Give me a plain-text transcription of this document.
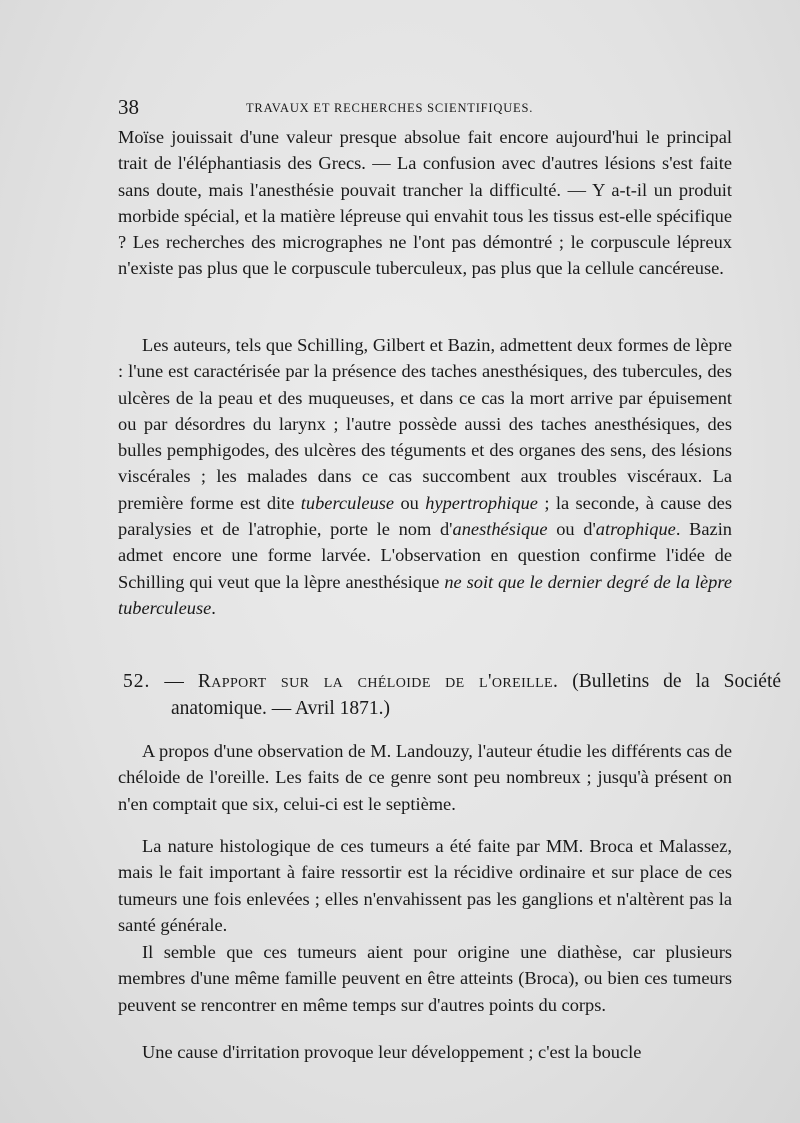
38	TRAVAUX ET RECHERCHES SCIENTIFIQUES.

Moïse jouissait d'une valeur presque absolue fait encore aujourd'hui le principal trait de l'éléphantiasis des Grecs. — La confusion avec d'autres lésions s'est faite sans doute, mais l'anesthésie pouvait trancher la difficulté. — Y a-t-il un produit morbide spécial, et la matière lépreuse qui envahit tous les tissus est-elle spécifique ? Les recherches des micrographes ne l'ont pas démontré ; le corpuscule lépreux n'existe pas plus que le corpuscule tuberculeux, pas plus que la cellule cancéreuse.

Les auteurs, tels que Schilling, Gilbert et Bazin, admettent deux formes de lèpre : l'une est caractérisée par la présence des taches anesthésiques, des tubercules, des ulcères de la peau et des muqueuses, et dans ce cas la mort arrive par épuisement ou par désordres du larynx ; l'autre possède aussi des taches anesthésiques, des bulles pemphigodes, des ulcères des téguments et des organes des sens, des lésions viscérales ; les malades dans ce cas succombent aux troubles viscéraux. La première forme est dite tuberculeuse ou hypertrophique ; la seconde, à cause des paralysies et de l'atrophie, porte le nom d'anesthésique ou d'atrophique. Bazin admet encore une forme larvée. L'observation en question confirme l'idée de Schilling qui veut que la lèpre anesthésique ne soit que le dernier degré de la lèpre tuberculeuse.

52. — Rapport sur la chéloide de l'oreille. (Bulletins de la Société anatomique. — Avril 1871.)

A propos d'une observation de M. Landouzy, l'auteur étudie les différents cas de chéloide de l'oreille. Les faits de ce genre sont peu nombreux ; jusqu'à présent on n'en comptait que six, celui-ci est le septième.

La nature histologique de ces tumeurs a été faite par MM. Broca et Malassez, mais le fait important à faire ressortir est la récidive ordinaire et sur place de ces tumeurs une fois enlevées ; elles n'envahissent pas les ganglions et n'altèrent pas la santé générale.

Il semble que ces tumeurs aient pour origine une diathèse, car plusieurs membres d'une même famille peuvent en être atteints (Broca), ou bien ces tumeurs peuvent se rencontrer en même temps sur d'autres points du corps.

Une cause d'irritation provoque leur développement ; c'est la boucle
